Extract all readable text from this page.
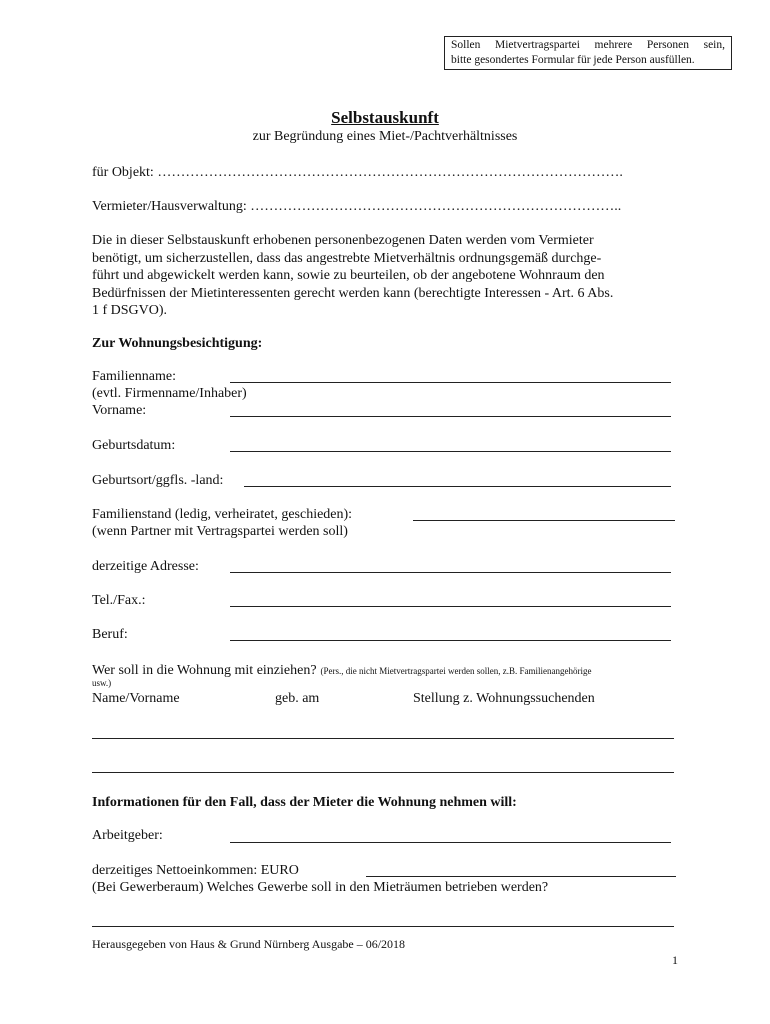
Sollen Mietvertragspartei mehrere Personen sein,
bitte gesondertes Formular für jede Person ausfüllen.
Selbstauskunft
zur Begründung eines Miet-/Pachtverhältnisses
für Objekt: ……………………………………………………………………………………….
Vermieter/Hausverwaltung: ……………………………………………………………………..
Die in dieser Selbstauskunft erhobenen personenbezogenen Daten werden vom Vermieter
benötigt, um sicherzustellen, dass das angestrebte Mietverhältnis ordnungsgemäß durchge-
führt und abgewickelt werden kann, sowie zu beurteilen, ob der angebotene Wohnraum den
Bedürfnissen der Mietinteressenten gerecht werden kann (berechtigte Interessen - Art. 6 Abs.
1 f DSGVO).
Zur Wohnungsbesichtigung:
Familienname:
(evtl. Firmenname/Inhaber)
Vorname:
Geburtsdatum:
Geburtsort/ggfls. -land:
Familienstand (ledig, verheiratet, geschieden):
(wenn Partner mit Vertragspartei werden soll)
derzeitige Adresse:
Tel./Fax.:
Beruf:
Wer soll in die Wohnung mit einziehen? (Pers., die nicht Mietvertragspartei werden sollen, z.B. Familienangehörige
usw.)
Name/Vorname	geb. am	Stellung z. Wohnungssuchenden
Informationen für den Fall, dass der Mieter die Wohnung nehmen will:
Arbeitgeber:
derzeitiges Nettoeinkommen: EURO
(Bei Gewerberaum) Welches Gewerbe soll in den Mieträumen betrieben werden?
Herausgegeben von Haus & Grund Nürnberg Ausgabe – 06/2018
1
